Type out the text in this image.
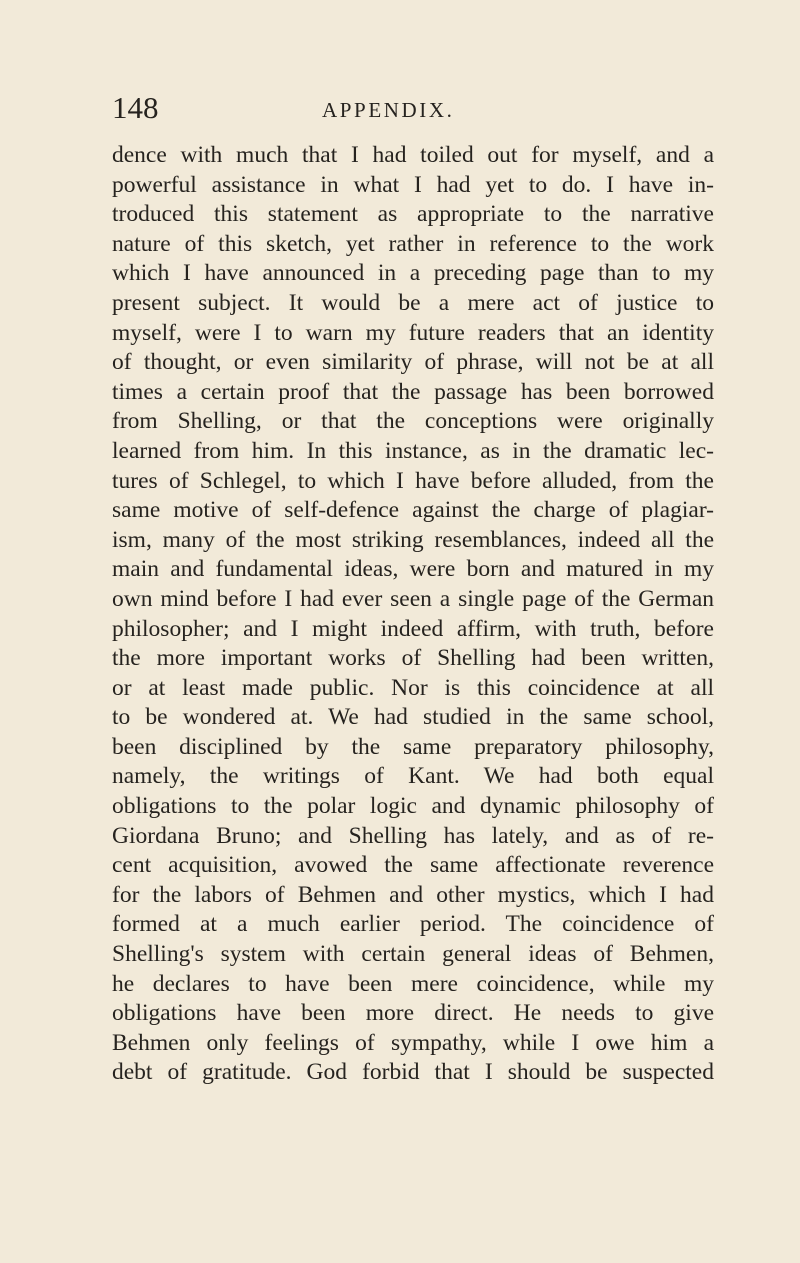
148	APPENDIX.
dence with much that I had toiled out for myself, and a
powerful assistance in what I had yet to do. I have in-
troduced this statement as appropriate to the narrative
nature of this sketch, yet rather in reference to the work
which I have announced in a preceding page than to my
present subject. It would be a mere act of justice to
myself, were I to warn my future readers that an identity
of thought, or even similarity of phrase, will not be at all
times a certain proof that the passage has been borrowed
from Shelling, or that the conceptions were originally
learned from him. In this instance, as in the dramatic lec-
tures of Schlegel, to which I have before alluded, from the
same motive of self-defence against the charge of plagiar-
ism, many of the most striking resemblances, indeed all the
main and fundamental ideas, were born and matured in my
own mind before I had ever seen a single page of the German
philosopher; and I might indeed affirm, with truth, before
the more important works of Shelling had been written,
or at least made public. Nor is this coincidence at all
to be wondered at. We had studied in the same school,
been disciplined by the same preparatory philosophy,
namely, the writings of Kant. We had both equal
obligations to the polar logic and dynamic philosophy of
Giordana Bruno; and Shelling has lately, and as of re-
cent acquisition, avowed the same affectionate reverence
for the labors of Behmen and other mystics, which I had
formed at a much earlier period. The coincidence of
Shelling's system with certain general ideas of Behmen,
he declares to have been mere coincidence, while my
obligations have been more direct. He needs to give
Behmen only feelings of sympathy, while I owe him a
debt of gratitude. God forbid that I should be suspected
